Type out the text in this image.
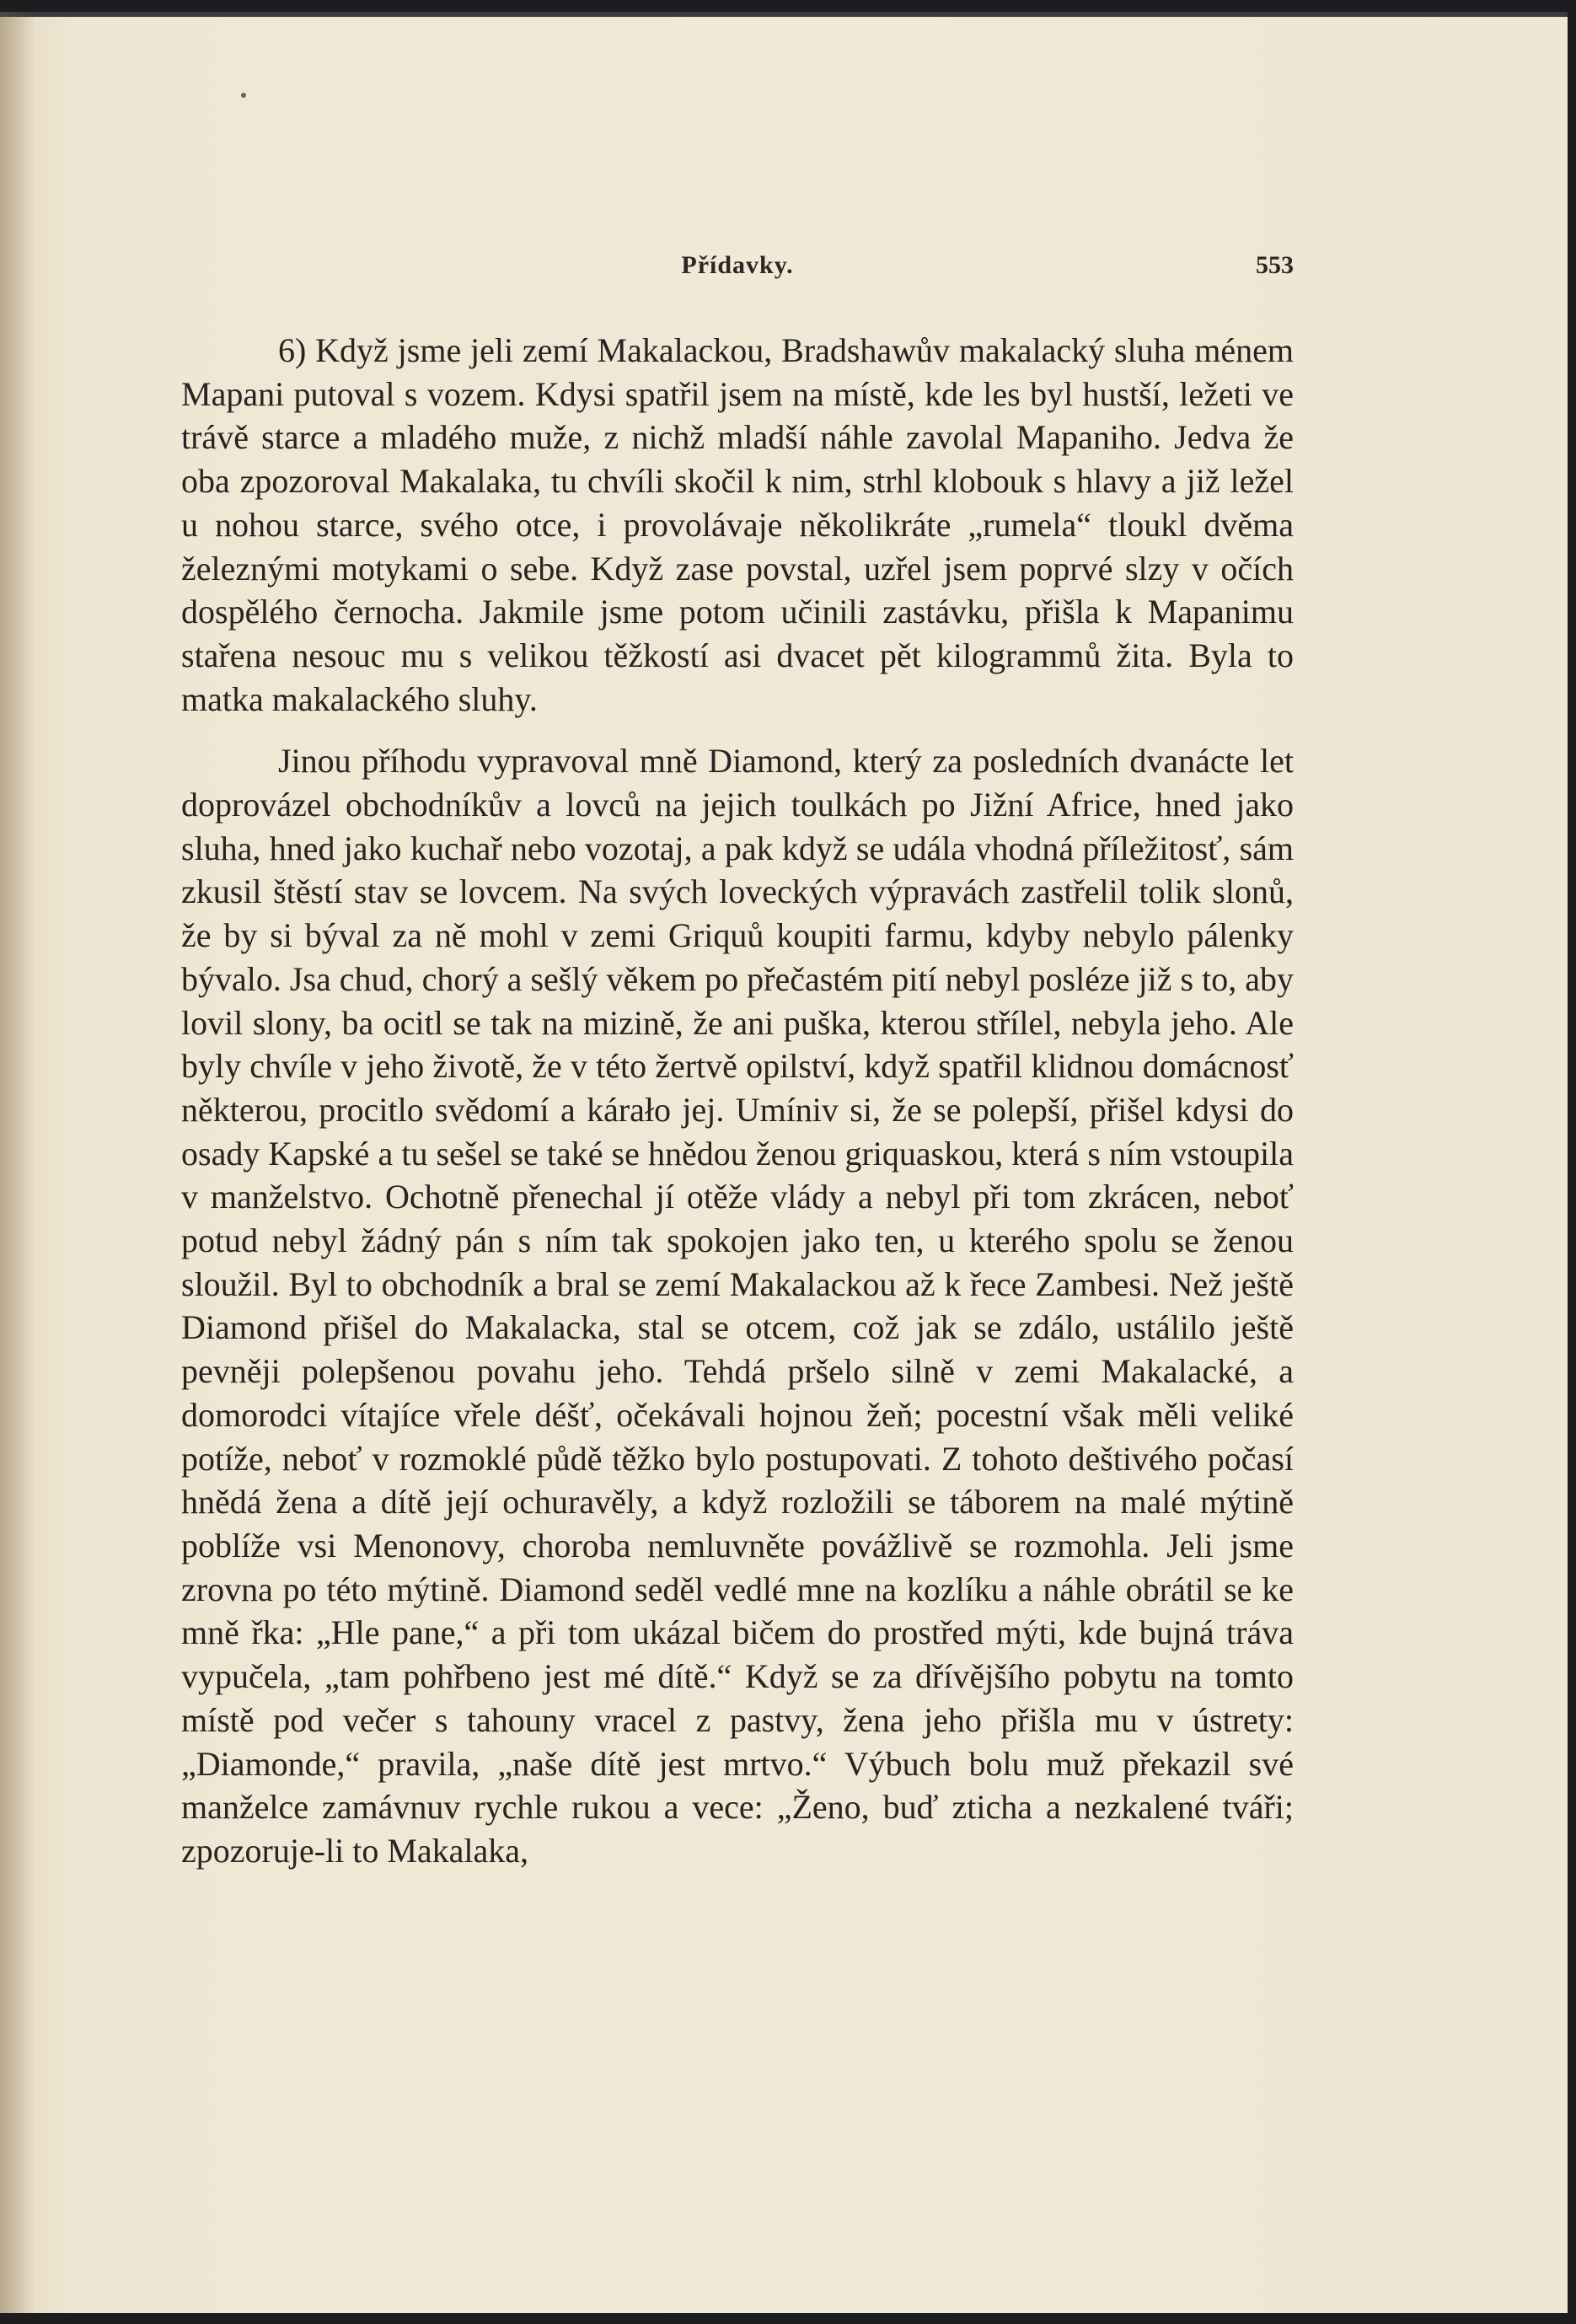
Přídavky.	553

6) Když jsme jeli zemí Makalackou, Bradshawův makalacký sluha ménem Mapani putoval s vozem. Kdysi spatřil jsem na místě, kde les byl hustší, ležeti ve trávě starce a mladého muže, z nichž mladší náhle zavolal Mapaniho. Jedva že oba zpozoroval Makalaka, tu chvíli skočil k nim, strhl klobouk s hlavy a již ležel u nohou starce, svého otce, i provolávaje několikráte „rumela“ tloukl dvěma železnými motykami o sebe. Když zase povstal, uzřel jsem poprvé slzy v očích dospělého černocha. Jakmile jsme potom učinili zastávku, přišla k Mapanimu stařena nesouc mu s velikou těžkostí asi dvacet pět kilogrammů žita. Byla to matka makalackého sluhy.

Jinou příhodu vypravoval mně Diamond, který za posledních dvanácte let doprovázel obchodníkův a lovců na jejich toulkách po Jižní Africe, hned jako sluha, hned jako kuchař nebo vozotaj, a pak když se udála vhodná příležitosť, sám zkusil štěstí stav se lovcem. Na svých loveckých výpravách zastřelil tolik slonů, že by si býval za ně mohl v zemi Griquů koupiti farmu, kdyby nebylo pálenky bývalo. Jsa chud, chorý a sešlý věkem po přečastém pití nebyl posléze již s to, aby lovil slony, ba ocitl se tak na mizině, že ani puška, kterou střílel, nebyla jeho. Ale byly chvíle v jeho životě, že v této žertvě opilství, když spatřil klidnou domácnosť některou, procitlo svědomí a kárało jej. Umíniv si, že se polepší, přišel kdysi do osady Kapské a tu sešel se také se hnědou ženou griquaskou, která s ním vstoupila v manželstvo. Ochotně přenechal jí otěže vlády a nebyl při tom zkrácen, neboť potud nebyl žádný pán s ním tak spokojen jako ten, u kterého spolu se ženou sloužil. Byl to obchodník a bral se zemí Makalackou až k řece Zambesi. Než ještě Diamond přišel do Makalacka, stal se otcem, což jak se zdálo, ustálilo ještě pevněji polepšenou povahu jeho. Tehdá pršelo silně v zemi Makalacké, a domorodci vítajíce vřele déšť, očekávali hojnou žeň; pocestní však měli veliké potíže, neboť v rozmoklé půdě těžko bylo postupovati. Z tohoto deštivého počasí hnědá žena a dítě její ochuravěly, a když rozložili se táborem na malé mýtině poblíže vsi Menonovy, choroba nemluvněte povážlivě se rozmohla. Jeli jsme zrovna po této mýtině. Diamond seděl vedlé mne na kozlíku a náhle obrátil se ke mně řka: „Hle pane,“ a při tom ukázal bičem do prostřed mýti, kde bujná tráva vypučela, „tam pohřbeno jest mé dítě.“ Když se za dřívějšího pobytu na tomto místě pod večer s tahouny vracel z pastvy, žena jeho přišla mu v ústrety: „Diamonde,“ pravila, „naše dítě jest mrtvo.“ Výbuch bolu muž překazil své manželce zamávnuv rychle rukou a vece: „Ženo, buď zticha a nezkalené tváři; zpozoruje-li to Makalaka,
